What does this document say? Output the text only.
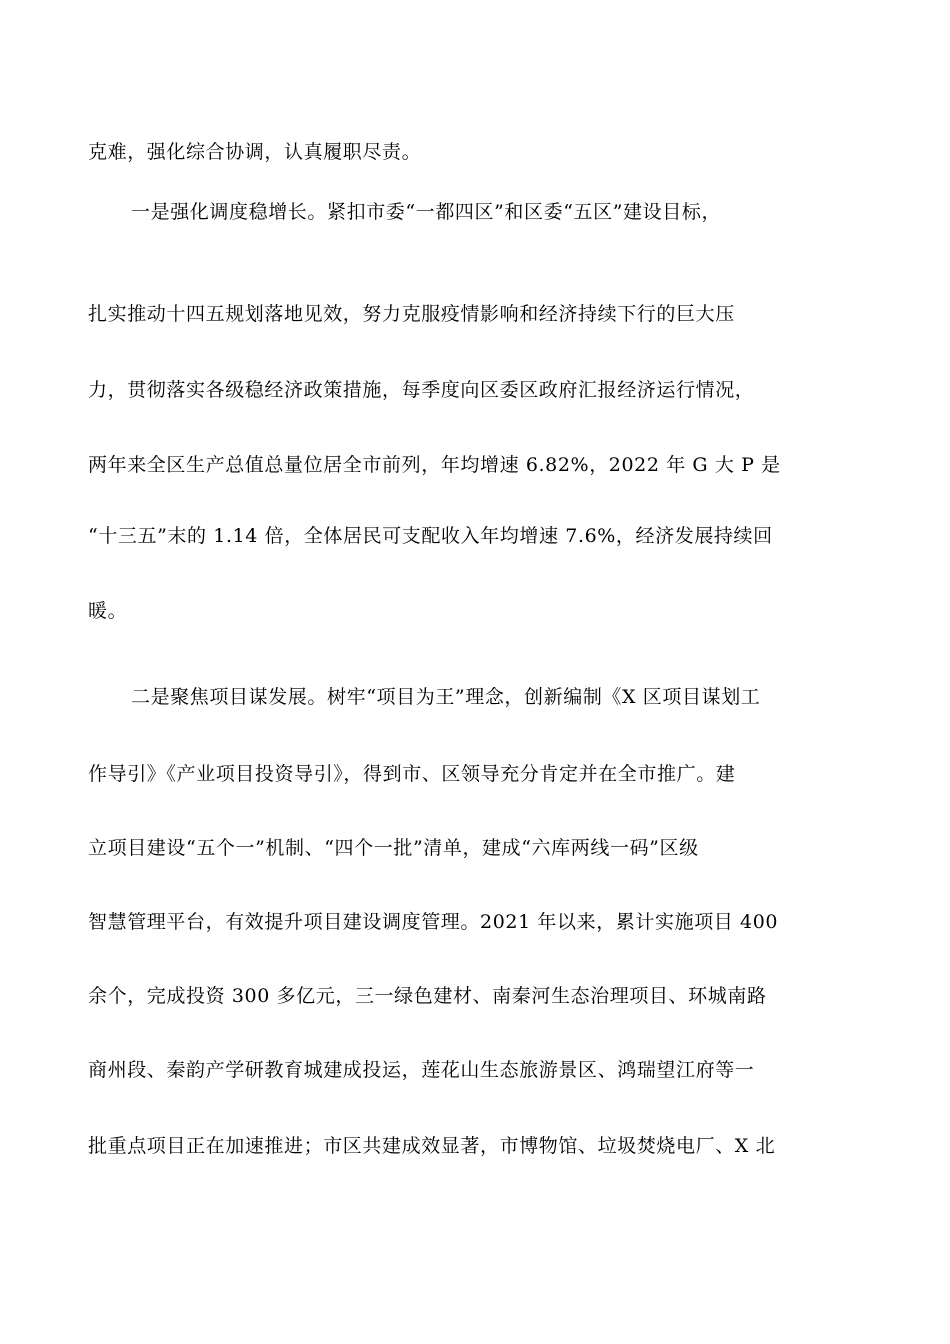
克难，强化综合协调，认真履职尽责。
一是强化调度稳增长。紧扣市委“一都四区”和区委“五区”建设目标，
扎实推动十四五规划落地见效，努力克服疫情影响和经济持续下行的巨大压
力，贯彻落实各级稳经济政策措施，每季度向区委区政府汇报经济运行情况，
两年来全区生产总值总量位居全市前列，年均增速 6.82%，2022 年 G 大 P 是
“十三五”末的 1.14 倍，全体居民可支配收入年均增速 7.6%，经济发展持续回
暖。
二是聚焦项目谋发展。树牢“项目为王”理念，创新编制《X 区项目谋划工
作导引》《产业项目投资导引》，得到市、区领导充分肯定并在全市推广。建
立项目建设“五个一”机制、“四个一批”清单，建成“六库两线一码”区级
智慧管理平台，有效提升项目建设调度管理。2021 年以来，累计实施项目 400
余个，完成投资 300 多亿元，三一绿色建材、南秦河生态治理项目、环城南路
商州段、秦韵产学研教育城建成投运，莲花山生态旅游景区、鸿瑞望江府等一
批重点项目正在加速推进；市区共建成效显著，市博物馆、垃圾焚烧电厂、X 北
